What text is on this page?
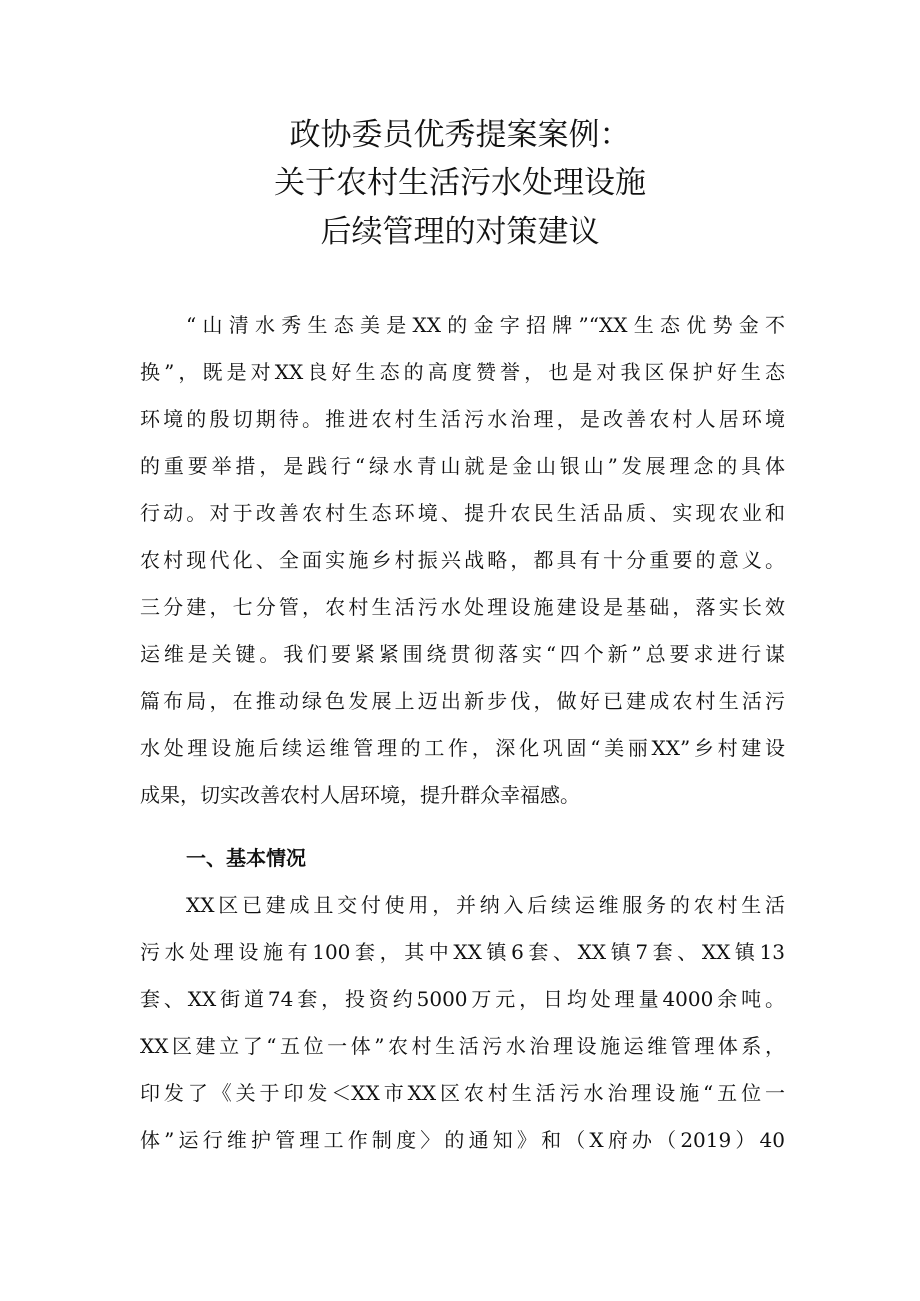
政协委员优秀提案案例：
关于农村生活污水处理设施
后续管理的对策建议
“山清水秀生态美是XX的金字招牌”“XX生态优势金不
换”，既是对XX良好生态的高度赞誉，也是对我区保护好生态
环境的殷切期待。推进农村生活污水治理，是改善农村人居环境
的重要举措，是践行“绿水青山就是金山银山”发展理念的具体
行动。对于改善农村生态环境、提升农民生活品质、实现农业和
农村现代化、全面实施乡村振兴战略，都具有十分重要的意义。
三分建，七分管，农村生活污水处理设施建设是基础，落实长效
运维是关键。我们要紧紧围绕贯彻落实“四个新”总要求进行谋
篇布局，在推动绿色发展上迈出新步伐，做好已建成农村生活污
水处理设施后续运维管理的工作，深化巩固“美丽XX”乡村建设
成果，切实改善农村人居环境，提升群众幸福感。
一、基本情况
XX区已建成且交付使用，并纳入后续运维服务的农村生活
污水处理设施有100套，其中XX镇6套、XX镇7套、XX镇13
套、XX街道74套，投资约5000万元，日均处理量4000余吨。
XX区建立了“五位一体”农村生活污水治理设施运维管理体系，
印发了《关于印发＜XX市XX区农村生活污水治理设施“五位一
体”运行维护管理工作制度〉的通知》和（X府办（2019）40
